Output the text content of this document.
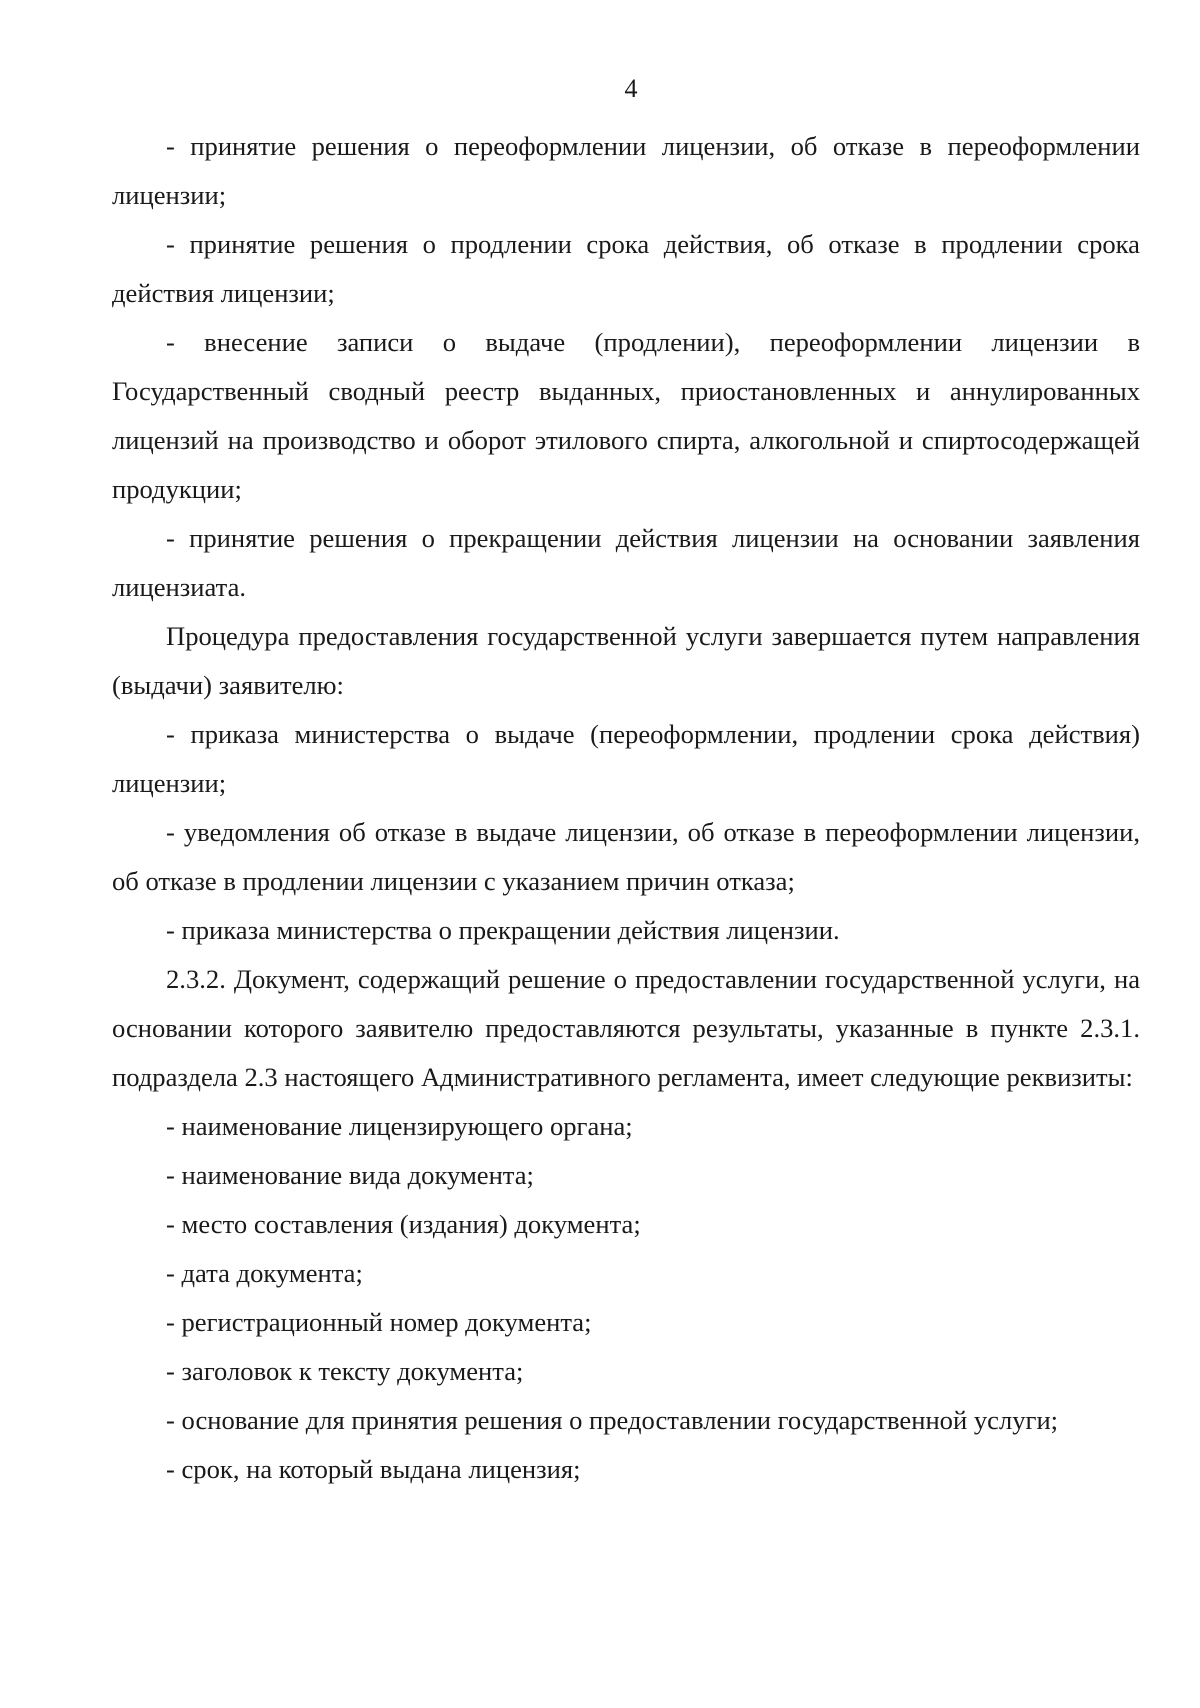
4

- принятие решения о переоформлении лицензии, об отказе в переоформлении лицензии;

- принятие решения о продлении срока действия, об отказе в продлении срока действия лицензии;

- внесение записи о выдаче (продлении), переоформлении лицензии в Государственный сводный реестр выданных, приостановленных и аннулированных лицензий на производство и оборот этилового спирта, алкогольной и спиртосодержащей продукции;

- принятие решения о прекращении действия лицензии на основании заявления лицензиата.

Процедура предоставления государственной услуги завершается путем направления (выдачи) заявителю:

- приказа министерства о выдаче (переоформлении, продлении срока действия) лицензии;

- уведомления об отказе в выдаче лицензии, об отказе в переоформлении лицензии, об отказе в продлении лицензии с указанием причин отказа;

- приказа министерства о прекращении действия лицензии.

2.3.2. Документ, содержащий решение о предоставлении государственной услуги, на основании которого заявителю предоставляются результаты, указанные в пункте 2.3.1. подраздела 2.3 настоящего Административного регламента, имеет следующие реквизиты:

- наименование лицензирующего органа;

- наименование вида документа;

- место составления (издания) документа;

- дата документа;

- регистрационный номер документа;

- заголовок к тексту документа;

- основание для принятия решения о предоставлении государственной услуги;

- срок, на который выдана лицензия;
